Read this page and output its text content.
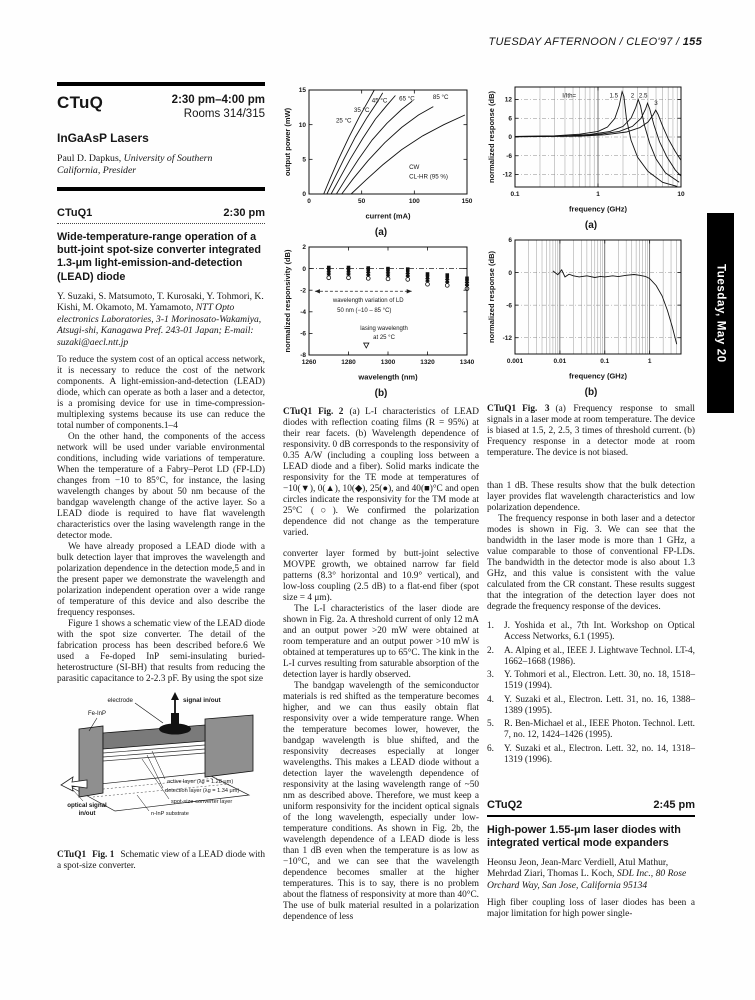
TUESDAY AFTERNOON / CLEO'97 / 155
Tuesday, May 20
CTuQ	2:30 pm–4:00 pm
Rooms 314/315
InGaAsP Lasers
Paul D. Dapkus, University of Southern California, Presider
CTuQ1	2:30 pm
Wide-temperature-range operation of a butt-joint spot-size converter integrated 1.3-μm light-emission-and-detection (LEAD) diode
Y. Suzaki, S. Matsumoto, T. Kurosaki, Y. Tohmori, K. Kishi, M. Okamoto, M. Yamamoto, NTT Opto electronics Laboratories, 3-1 Morinosato-Wakamiya, Atsugi-shi, Kanagawa Pref. 243-01 Japan; E-mail: suzaki@aecl.ntt.jp

To reduce the system cost of an optical access network, it is necessary to reduce the cost of the network components. A light-emission-and-detection (LEAD) diode, which can operate as both a laser and a detector, is a promising device for use in time-compression-multiplexing systems because its use can reduce the total number of components.1–4

On the other hand, the components of the access network will be used under variable environmental conditions, including wide variations of temperature. When the temperature of a Fabry–Perot LD (FP-LD) changes from −10 to 85°C, for instance, the lasing wavelength changes by about 50 nm because of the bandgap wavelength change of the active layer. So a LEAD diode is required to have flat wavelength characteristics over the lasing wavelength range in the detector mode.

We have already proposed a LEAD diode with a bulk detection layer that improves the wavelength and polarization dependence in the detection mode,5 and in the present paper we demonstrate the wavelength and polarization independent operation over a wide range of temperature of this device and also describe the frequency responses.

Figure 1 shows a schematic view of the LEAD diode with the spot size converter. The detail of the fabrication process has been described before.6 We used a Fe-doped InP semi-insulating buried-heterostructure (SI-BH) that results from reducing the parasitic capacitance to 2-2.3 pF. By using the spot size

electrode	signal in/out
Fe-InP
active layer (λg = 1.28 μm)
detection layer (λg = 1.34 μm)
spot-size-converter layer
n-InP substrate
optical signal
in/out
CTuQ1 Fig. 1 Schematic view of a LEAD diode with a spot-size converter.
25 °C
35 °C
45 °C 65 °C	85 °C
CW
CL-HR (95 %)
0	50	100	150
0
5
10
15
current (mA)
output power (mW)
(a)
wavelength variation of LD
50 nm (−10 – 85 °C)
lasing wavelength
at 25 °C
1260	1280	1300	1320	1340
2
0
-2
-4
-6
-8
wavelength (nm)
normalized responsivity (dB)
(b)
CTuQ1 Fig. 2 (a) L-I characteristics of LEAD diodes with reflection coating films (R = 95%) at their rear facets. (b) Wavelength dependence of responsivity. 0 dB corresponds to the responsivity of 0.35 A/W (including a coupling loss between a LEAD diode and a fiber). Solid marks indicate the responsivity for the TE mode at temperatures of −10(▼), 0(▲), 10(◆), 25(●), and 40(■)°C and open circles indicate the responsivity for the TM mode at 25°C (○). We confirmed the polarization dependence did not change as the temperature varied.

converter layer formed by butt-joint selective MOVPE growth, we obtained narrow far field patterns (8.3° horizontal and 10.9° vertical), and low-loss coupling (2.5 dB) to a flat-end fiber (spot size = 4 μm).

The L-I characteristics of the laser diode are shown in Fig. 2a. A threshold current of only 12 mA and an output power >20 mW were obtained at room temperature and an output power >10 mW is obtained at temperatures up to 65°C. The kink in the L-I curves resulting from saturable absorption of the detection layer is hardly observed.

The bandgap wavelength of the semiconductor materials is red shifted as the temperature becomes higher, and we can thus easily obtain flat responsivity over a wide temperature range. When the temperature becomes lower, however, the bandgap wavelength is blue shifted, and the responsivity decreases especially at longer wavelengths. This makes a LEAD diode without a detection layer the wavelength dependence of responsivity at the lasing wavelength range of ~50 nm as described above. Therefore, we must keep a uniform responsivity for the incident optical signals of the long wavelength, especially under low-temperature conditions. As shown in Fig. 2b, the wavelength dependence of a LEAD diode is less than 1 dB even when the temperature is as low as −10°C, and we can see that the wavelength dependence becomes smaller at the higher temperatures. This is to say, there is no problem about the flatness of responsivity at more than 40°C. The use of bulk material resulted in a polarization dependence of less

I/Ith=	1.5 2 2.5
3
0.1	1	10
12
6
0
-6
-12
frequency (GHz)
normalized response (dB)
(a)
0.001	0.01	0.1	1
6
0
-6
-12
frequency (GHz)
normalized response (dB)
(b)
CTuQ1 Fig. 3 (a) Frequency response to small signals in a laser mode at room temperature. The device is biased at 1.5, 2, 2.5, 3 times of threshold current. (b) Frequency response in a detector mode at room temperature. The device is not biased.

than 1 dB. These results show that the bulk detection layer provides flat wavelength characteristics and low polarization dependence.

The frequency response in both laser and a detector modes is shown in Fig. 3. We can see that the bandwidth in the laser mode is more than 1 GHz, a value comparable to those of conventional FP-LDs. The bandwidth in the detector mode is also about 1.3 GHz, and this value is consistent with the value calculated from the CR constant. These results suggest that the integration of the detection layer does not degrade the frequency response of the devices.

1.	J. Yoshida et al., 7th Int. Workshop on Optical Access Networks, 6.1 (1995).
2.	A. Alping et al., IEEE J. Lightwave Technol. LT-4, 1662–1668 (1986).
3.	Y. Tohmori et al., Electron. Lett. 30, no. 18, 1518–1519 (1994).
4.	Y. Suzaki et al., Electron. Lett. 31, no. 16, 1388–1389 (1995).
5.	R. Ben-Michael et al., IEEE Photon. Technol. Lett. 7, no. 12, 1424–1426 (1995).
6.	Y. Suzaki et al., Electron. Lett. 32, no. 14, 1318–1319 (1996).
CTuQ2	2:45 pm
High-power 1.55-μm laser diodes with integrated vertical mode expanders
Heonsu Jeon, Jean-Marc Verdiell, Atul Mathur, Mehrdad Ziari, Thomas L. Koch, SDL Inc., 80 Rose Orchard Way, San Jose, California 95134

High fiber coupling loss of laser diodes has been a major limitation for high power single-
